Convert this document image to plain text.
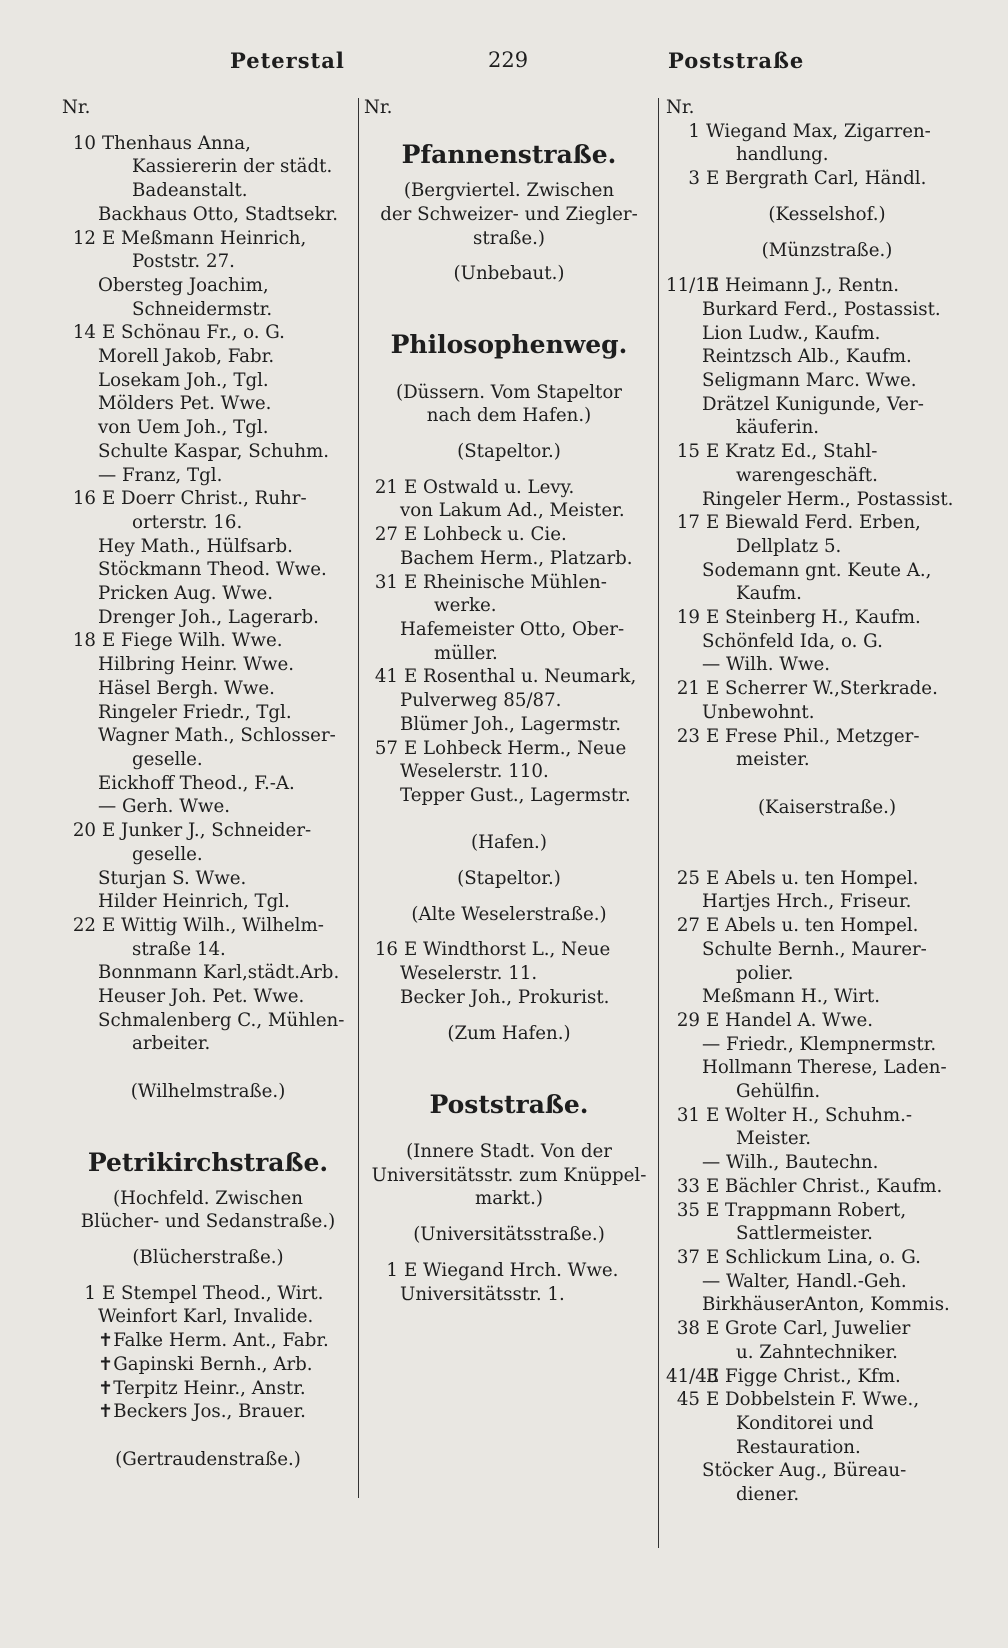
Peterstal	229	Poststraße
Nr.
10 Thenhaus Anna,
Kassiererin der städt.
Badeanstalt.
Backhaus Otto, Stadtsekr.
12 E Meßmann Heinrich,
Poststr. 27.
Obersteg Joachim,
Schneidermstr.
14 E Schönau Fr., o. G.
Morell Jakob, Fabr.
Losekam Joh., Tgl.
Mölders Pet. Wwe.
von Uem Joh., Tgl.
Schulte Kaspar, Schuhm.
— Franz, Tgl.
16 E Doerr Christ., Ruhr-
orterstr. 16.
Hey Math., Hülfsarb.
Stöckmann Theod. Wwe.
Pricken Aug. Wwe.
Drenger Joh., Lagerarb.
18 E Fiege Wilh. Wwe.
Hilbring Heinr. Wwe.
Häsel Bergh. Wwe.
Ringeler Friedr., Tgl.
Wagner Math., Schlosser-
geselle.
Eickhoff Theod., F.-A.
— Gerh. Wwe.
20 E Junker J., Schneider-
geselle.
Sturjan S. Wwe.
Hilder Heinrich, Tgl.
22 E Wittig Wilh., Wilhelm-
straße 14.
Bonnmann Karl,städt.Arb.
Heuser Joh. Pet. Wwe.
Schmalenberg C., Mühlen-
arbeiter.
(Wilhelmstraße.)
Petrikirchstraße.
(Hochfeld. Zwischen
Blücher- und Sedanstraße.)
(Blücherstraße.)
1 E Stempel Theod., Wirt.
Weinfort Karl, Invalide.
✝Falke Herm. Ant., Fabr.
✝Gapinski Bernh., Arb.
✝Terpitz Heinr., Anstr.
✝Beckers Jos., Brauer.
(Gertraudenstraße.)
Nr.
Pfannenstraße.
(Bergviertel. Zwischen
der Schweizer- und Ziegler-
straße.)
(Unbebaut.)
Philosophenweg.
(Düssern. Vom Stapeltor
nach dem Hafen.)
(Stapeltor.)
21 E Ostwald u. Levy.
von Lakum Ad., Meister.
27 E Lohbeck u. Cie.
Bachem Herm., Platzarb.
31 E Rheinische Mühlen-
werke.
Hafemeister Otto, Ober-
müller.
41 E Rosenthal u. Neumark,
Pulverweg 85/87.
Blümer Joh., Lagermstr.
57 E Lohbeck Herm., Neue
Weselerstr. 110.
Tepper Gust., Lagermstr.
(Hafen.)
(Stapeltor.)
(Alte Weselerstraße.)
16 E Windthorst L., Neue
Weselerstr. 11.
Becker Joh., Prokurist.
(Zum Hafen.)
Poststraße.
(Innere Stadt. Von der
Universitätsstr. zum Knüppel-
markt.)
(Universitätsstraße.)
1 E Wiegand Hrch. Wwe.
Universitätsstr. 1.
Nr.
1 Wiegand Max, Zigarren-
handlung.
3 E Bergrath Carl, Händl.
(Kesselshof.)
(Münzstraße.)
11/13E Heimann J., Rentn.
Burkard Ferd., Postassist.
Lion Ludw., Kaufm.
Reintzsch Alb., Kaufm.
Seligmann Marc. Wwe.
Drätzel Kunigunde, Ver-
käuferin.
15 E Kratz Ed., Stahl-
warengeschäft.
Ringeler Herm., Postassist.
17 E Biewald Ferd. Erben,
Dellplatz 5.
Sodemann gnt. Keute A.,
Kaufm.
19 E Steinberg H., Kaufm.
Schönfeld Ida, o. G.
— Wilh. Wwe.
21 E Scherrer W.,Sterkrade.
Unbewohnt.
23 E Frese Phil., Metzger-
meister.
(Kaiserstraße.)
25 E Abels u. ten Hompel.
Hartjes Hrch., Friseur.
27 E Abels u. ten Hompel.
Schulte Bernh., Maurer-
polier.
Meßmann H., Wirt.
29 E Handel A. Wwe.
— Friedr., Klempnermstr.
Hollmann Therese, Laden-
Gehülfin.
31 E Wolter H., Schuhm.-
Meister.
— Wilh., Bautechn.
33 E Bächler Christ., Kaufm.
35 E Trappmann Robert,
Sattlermeister.
37 E Schlickum Lina, o. G.
— Walter, Handl.-Geh.
BirkhäuserAnton, Kommis.
38 E Grote Carl, Juwelier
u. Zahntechniker.
41/43E Figge Christ., Kfm.
45 E Dobbelstein F. Wwe.,
Konditorei und
Restauration.
Stöcker Aug., Büreau-
diener.
